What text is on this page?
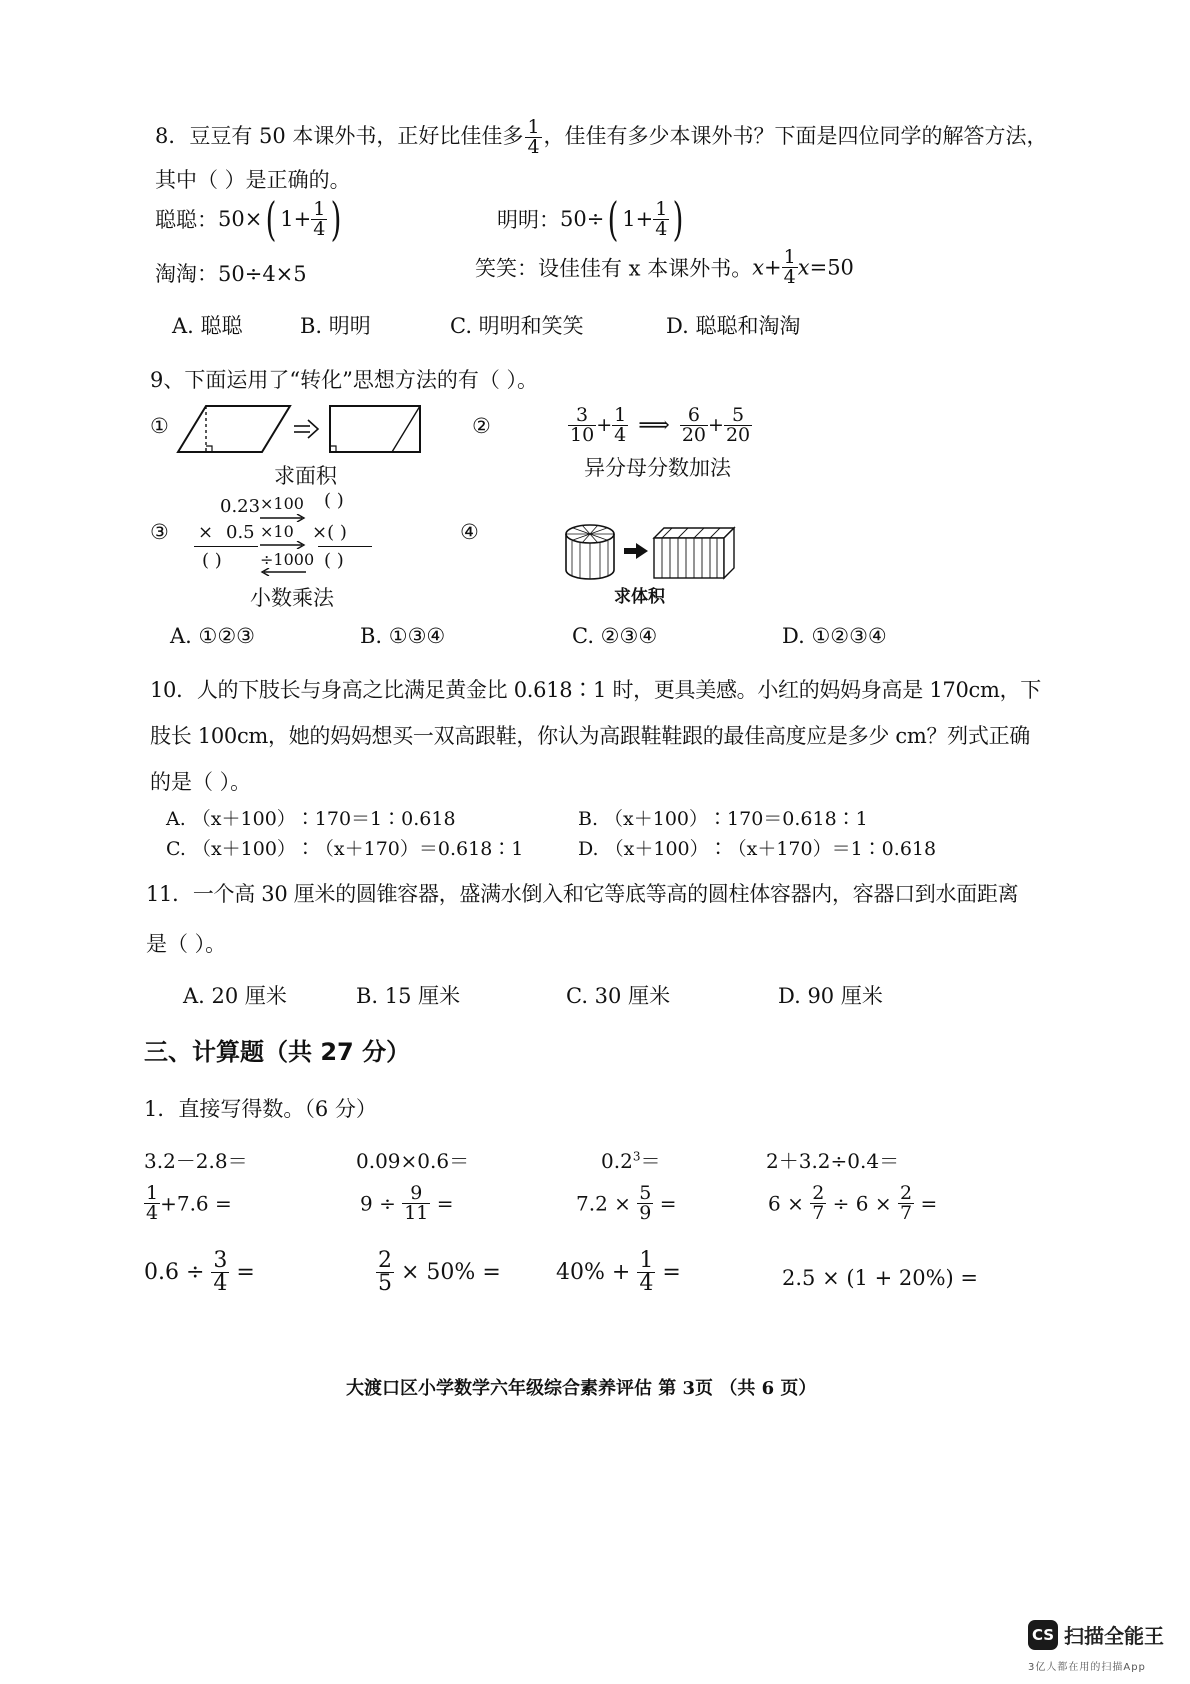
8．豆豆有 50 本课外书，正好比佳佳多 $\frac{1}{4}$ ，佳佳有多少本课外书？下面是四位同学的解答方法，
其中（ ）是正确的。
聪聪：50×( $1+ \frac{1}{4}$ )	明明：50÷( $1+ \frac{1}{4}$ )
淘淘：50÷4×5	笑笑：设佳佳有 x 本课外书。$x+ \frac{1}{4} x=50$
A. 聪聪	B. 明明	C. 明明和笑笑	D. 聪聪和淘淘
9、下面运用了“转化”思想方法的有（ ）。
①
求面积
②	$\frac{3}{10} + \frac{1}{4}$ ⟹ $\frac{6}{20} + \frac{5}{20}$
异分母分数加法
③
0.23 ×100 ( )
× 0.5 ×10 ×( )
( ) ÷1000 ( )
小数乘法
④
求体积
A. ①②③	B. ①③④	C. ②③④	D. ①②③④
10．人的下肢长与身高之比满足黄金比 0.618∶1 时，更具美感。小红的妈妈身高是 170cm，下
肢长 100cm，她的妈妈想买一双高跟鞋，你认为高跟鞋鞋跟的最佳高度应是多少 cm？列式正确
的是（ ）。
A. （x＋100）∶170＝1∶0.618	B. （x＋100）∶170＝0.618∶1
C. （x＋100）∶（x＋170）＝0.618∶1	D. （x＋100）∶（x＋170）＝1∶0.618
11．一个高 30 厘米的圆锥容器，盛满水倒入和它等底等高的圆柱体容器内，容器口到水面距离
是（ ）。
A. 20 厘米	B. 15 厘米	C. 30 厘米	D. 90 厘米
三、计算题（共 27 分）
1．直接写得数。（6 分）
3.2－2.8＝	0.09×0.6＝	$0.2^3=$	2＋3.2÷0.4＝
$\frac{1}{4} +7.6$ =	$9 \div \frac{9}{11}$ =	$7.2 \times \frac{5}{9}$ =	$6 \times \frac{2}{7} \div 6 \times \frac{2}{7}$ =
$0.6 \div \frac{3}{4}$ =	$\frac{2}{5} \times 50\%$ =	$40\% + \frac{1}{4}$ =	2.5 × (1 + 20%) =
大渡口区小学数学六年级综合素养评估 第 3页 （共 6 页）
CS 扫描全能王
3亿人都在用的扫描App
